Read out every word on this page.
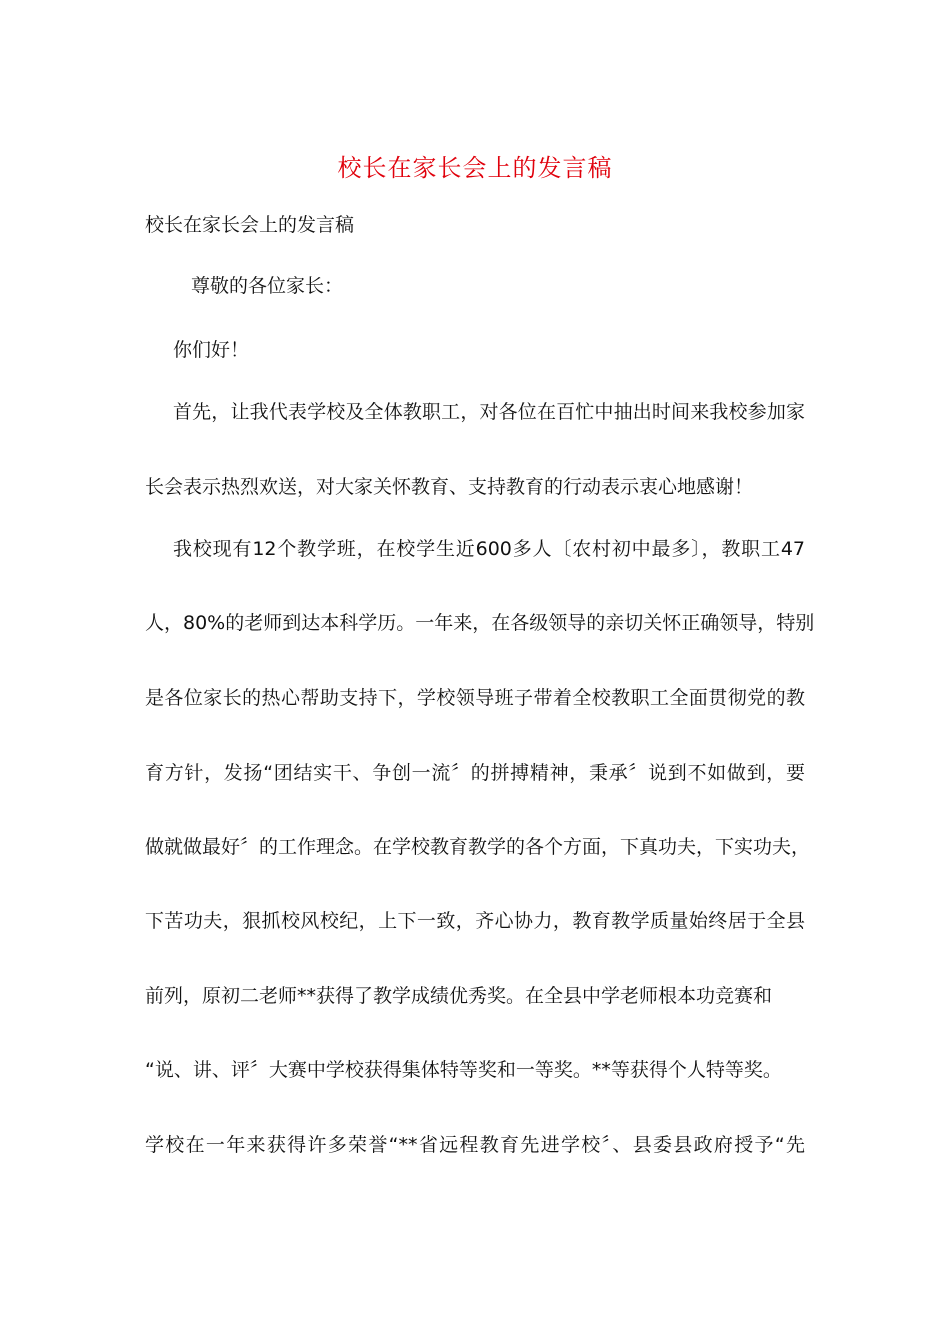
校长在家长会上的发言稿
校长在家长会上的发言稿
尊敬的各位家长：
你们好！
首先，让我代表学校及全体教职工，对各位在百忙中抽出时间来我校参加家
长会表示热烈欢送，对大家关怀教育、支持教育的行动表示衷心地感谢！
我校现有12个教学班，在校学生近600多人〔农村初中最多〕，教职工47
人，80%的老师到达本科学历。一年来，在各级领导的亲切关怀正确领导，特别
是各位家长的热心帮助支持下，学校领导班子带着全校教职工全面贯彻党的教
育方针，发扬“团结实干、争创一流〞的拼搏精神，秉承〞说到不如做到，要
做就做最好〞的工作理念。在学校教育教学的各个方面，下真功夫，下实功夫，
下苦功夫，狠抓校风校纪，上下一致，齐心协力，教育教学质量始终居于全县
前列，原初二老师**获得了教学成绩优秀奖。在全县中学老师根本功竞赛和
“说、讲、评〞大赛中学校获得集体特等奖和一等奖。**等获得个人特等奖。
学校在一年来获得许多荣誉“**省远程教育先进学校〞、县委县政府授予“先
